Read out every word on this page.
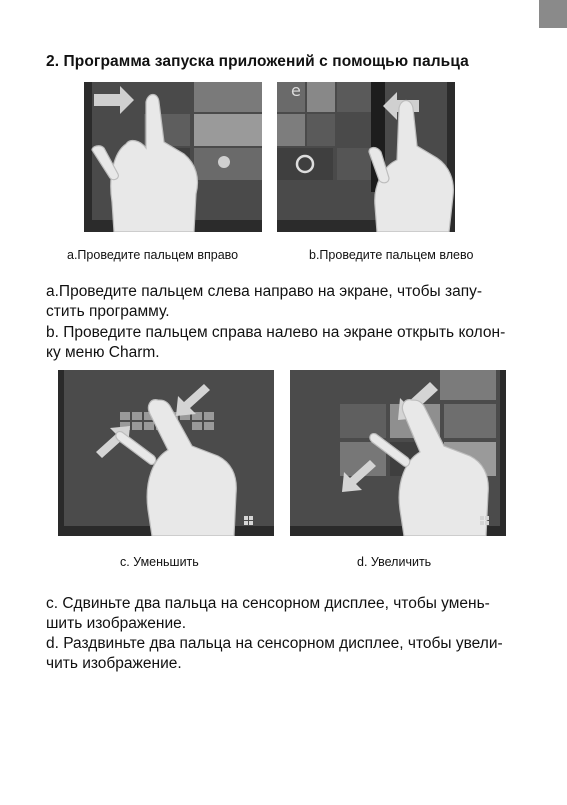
2. Программа запуска приложений с помощью пальца
e
a.Проведите пальцем вправо	b.Проведите пальцем влево
a.Проведите пальцем слева направо на экране, чтобы запу-
стить программу.
b. Проведите пальцем справа налево на экране открыть колон-
ку меню Charm.
с. Уменьшить	d. Увеличить
c. Сдвиньте два пальца на сенсорном дисплее, чтобы умень-
шить изображение.
d. Раздвиньте два пальца на сенсорном дисплее, чтобы увели-
чить изображение.
